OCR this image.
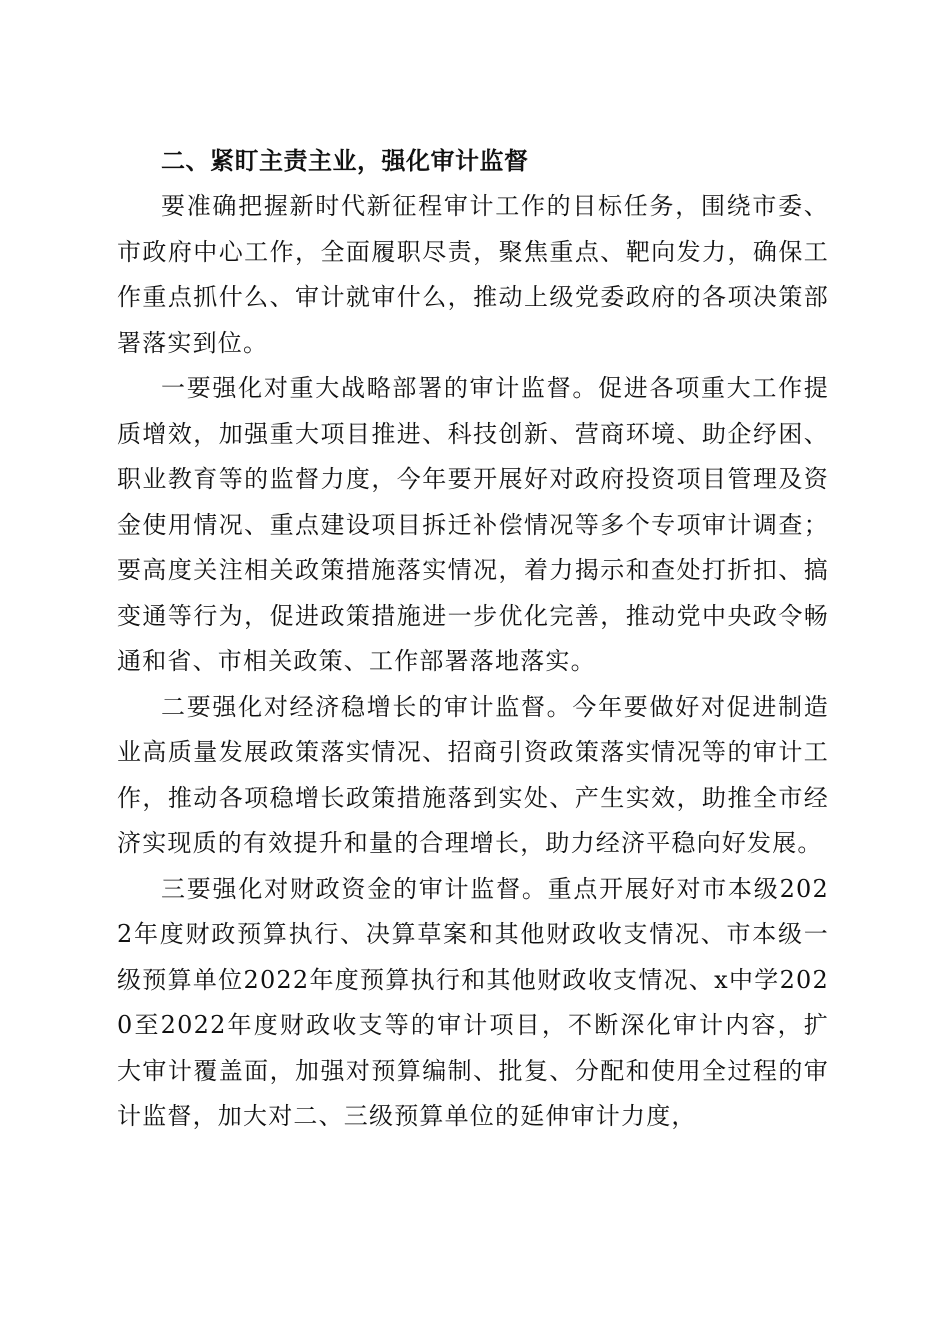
二、紧盯主责主业，强化审计监督

要准确把握新时代新征程审计工作的目标任务，围绕市委、市政府中心工作，全面履职尽责，聚焦重点、靶向发力，确保工作重点抓什么、审计就审什么，推动上级党委政府的各项决策部署落实到位。

一要强化对重大战略部署的审计监督。促进各项重大工作提质增效，加强重大项目推进、科技创新、营商环境、助企纾困、职业教育等的监督力度，今年要开展好对政府投资项目管理及资金使用情况、重点建设项目拆迁补偿情况等多个专项审计调查；要高度关注相关政策措施落实情况，着力揭示和查处打折扣、搞变通等行为，促进政策措施进一步优化完善，推动党中央政令畅通和省、市相关政策、工作部署落地落实。

二要强化对经济稳增长的审计监督。今年要做好对促进制造业高质量发展政策落实情况、招商引资政策落实情况等的审计工作，推动各项稳增长政策措施落到实处、产生实效，助推全市经济实现质的有效提升和量的合理增长，助力经济平稳向好发展。

三要强化对财政资金的审计监督。重点开展好对市本级2022年度财政预算执行、决算草案和其他财政收支情况、市本级一级预算单位2022年度预算执行和其他财政收支情况、x中学2020至2022年度财政收支等的审计项目，不断深化审计内容，扩大审计覆盖面，加强对预算编制、批复、分配和使用全过程的审计监督，加大对二、三级预算单位的延伸审计力度，
